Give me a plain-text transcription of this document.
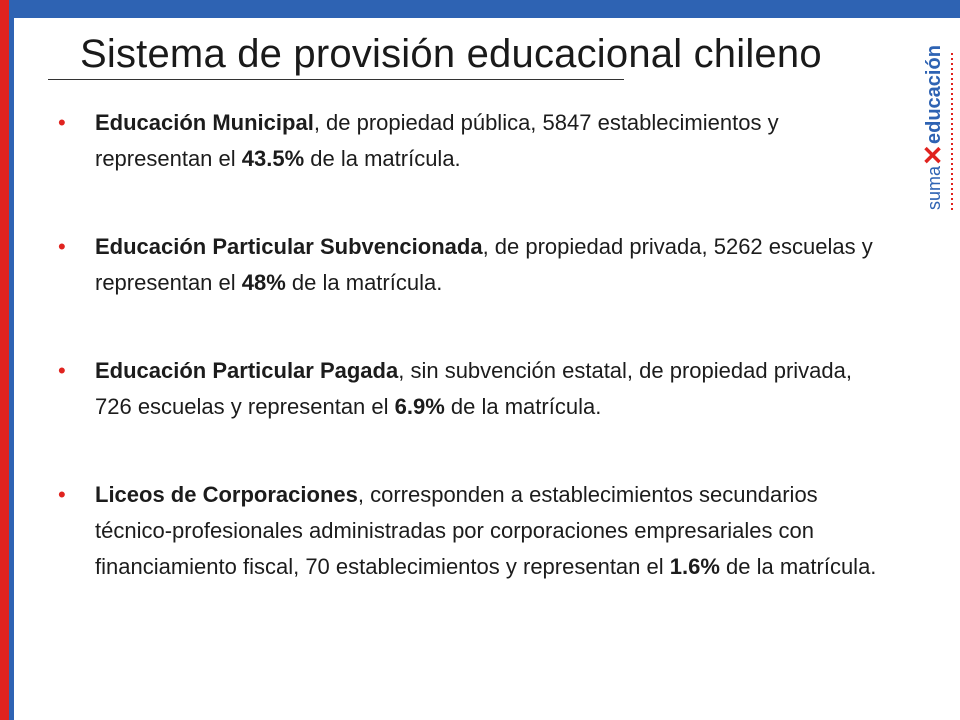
Sistema de provisión educacional chileno
suma
✕
educación
• Educación Municipal, de propiedad pública, 5847 establecimientos y representan el 43.5% de la matrícula.
• Educación Particular Subvencionada, de propiedad privada, 5262 escuelas y representan el 48% de la matrícula.
• Educación Particular Pagada, sin subvención estatal, de propiedad privada, 726 escuelas y representan el 6.9% de la matrícula.
• Liceos de Corporaciones, corresponden a establecimientos secundarios técnico-profesionales administradas por corporaciones empresariales con financiamiento fiscal, 70 establecimientos y representan el 1.6% de la matrícula.
